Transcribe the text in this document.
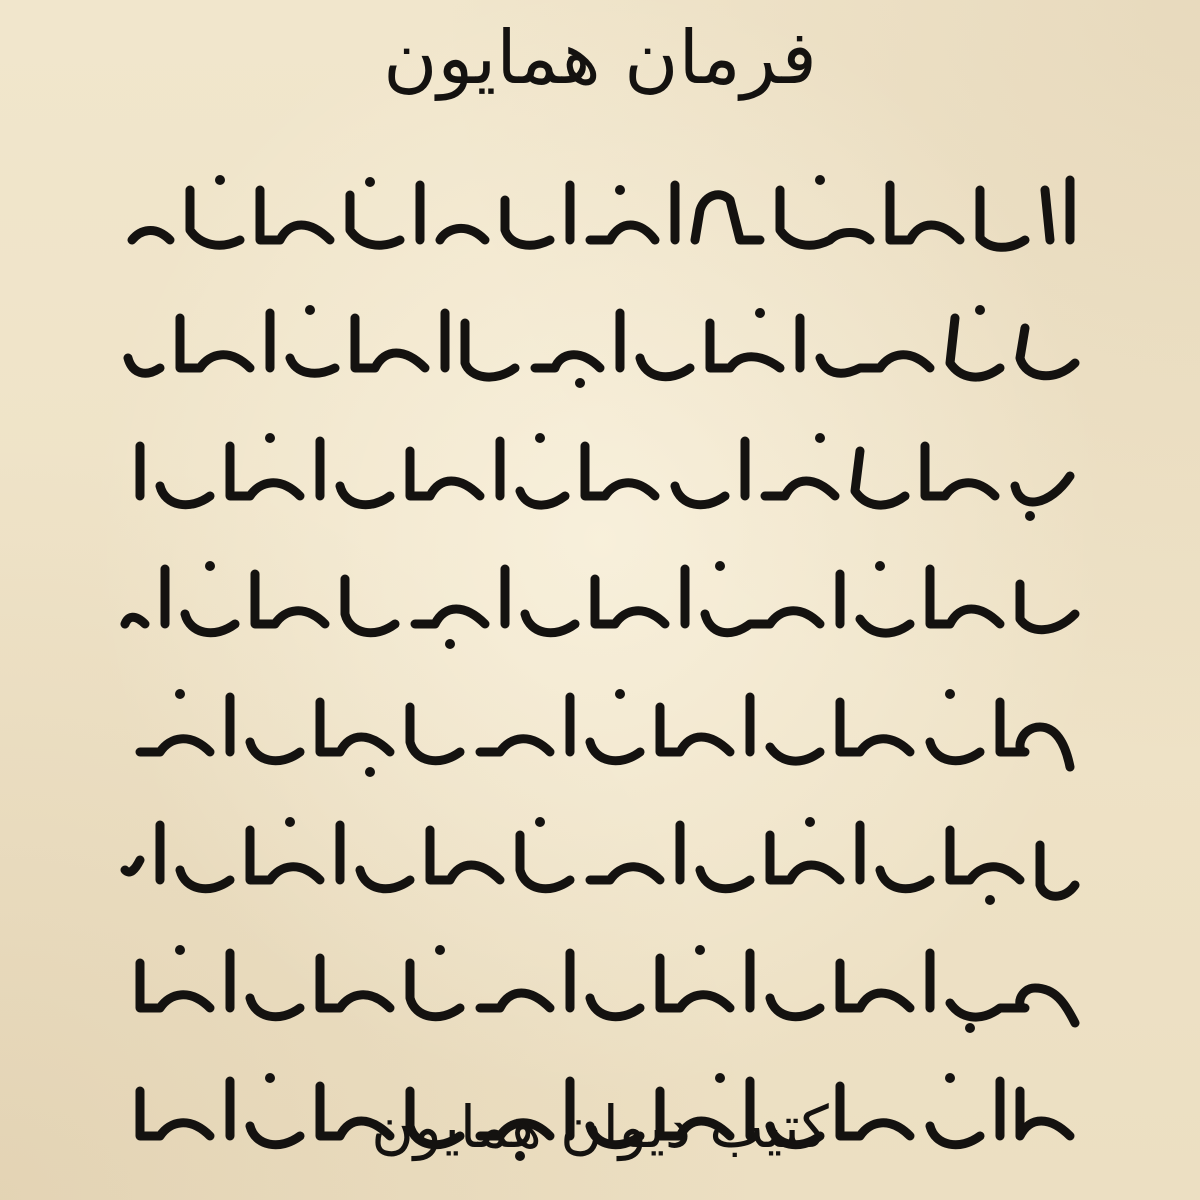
فرمان همایون
کتیب دیوان همایون
